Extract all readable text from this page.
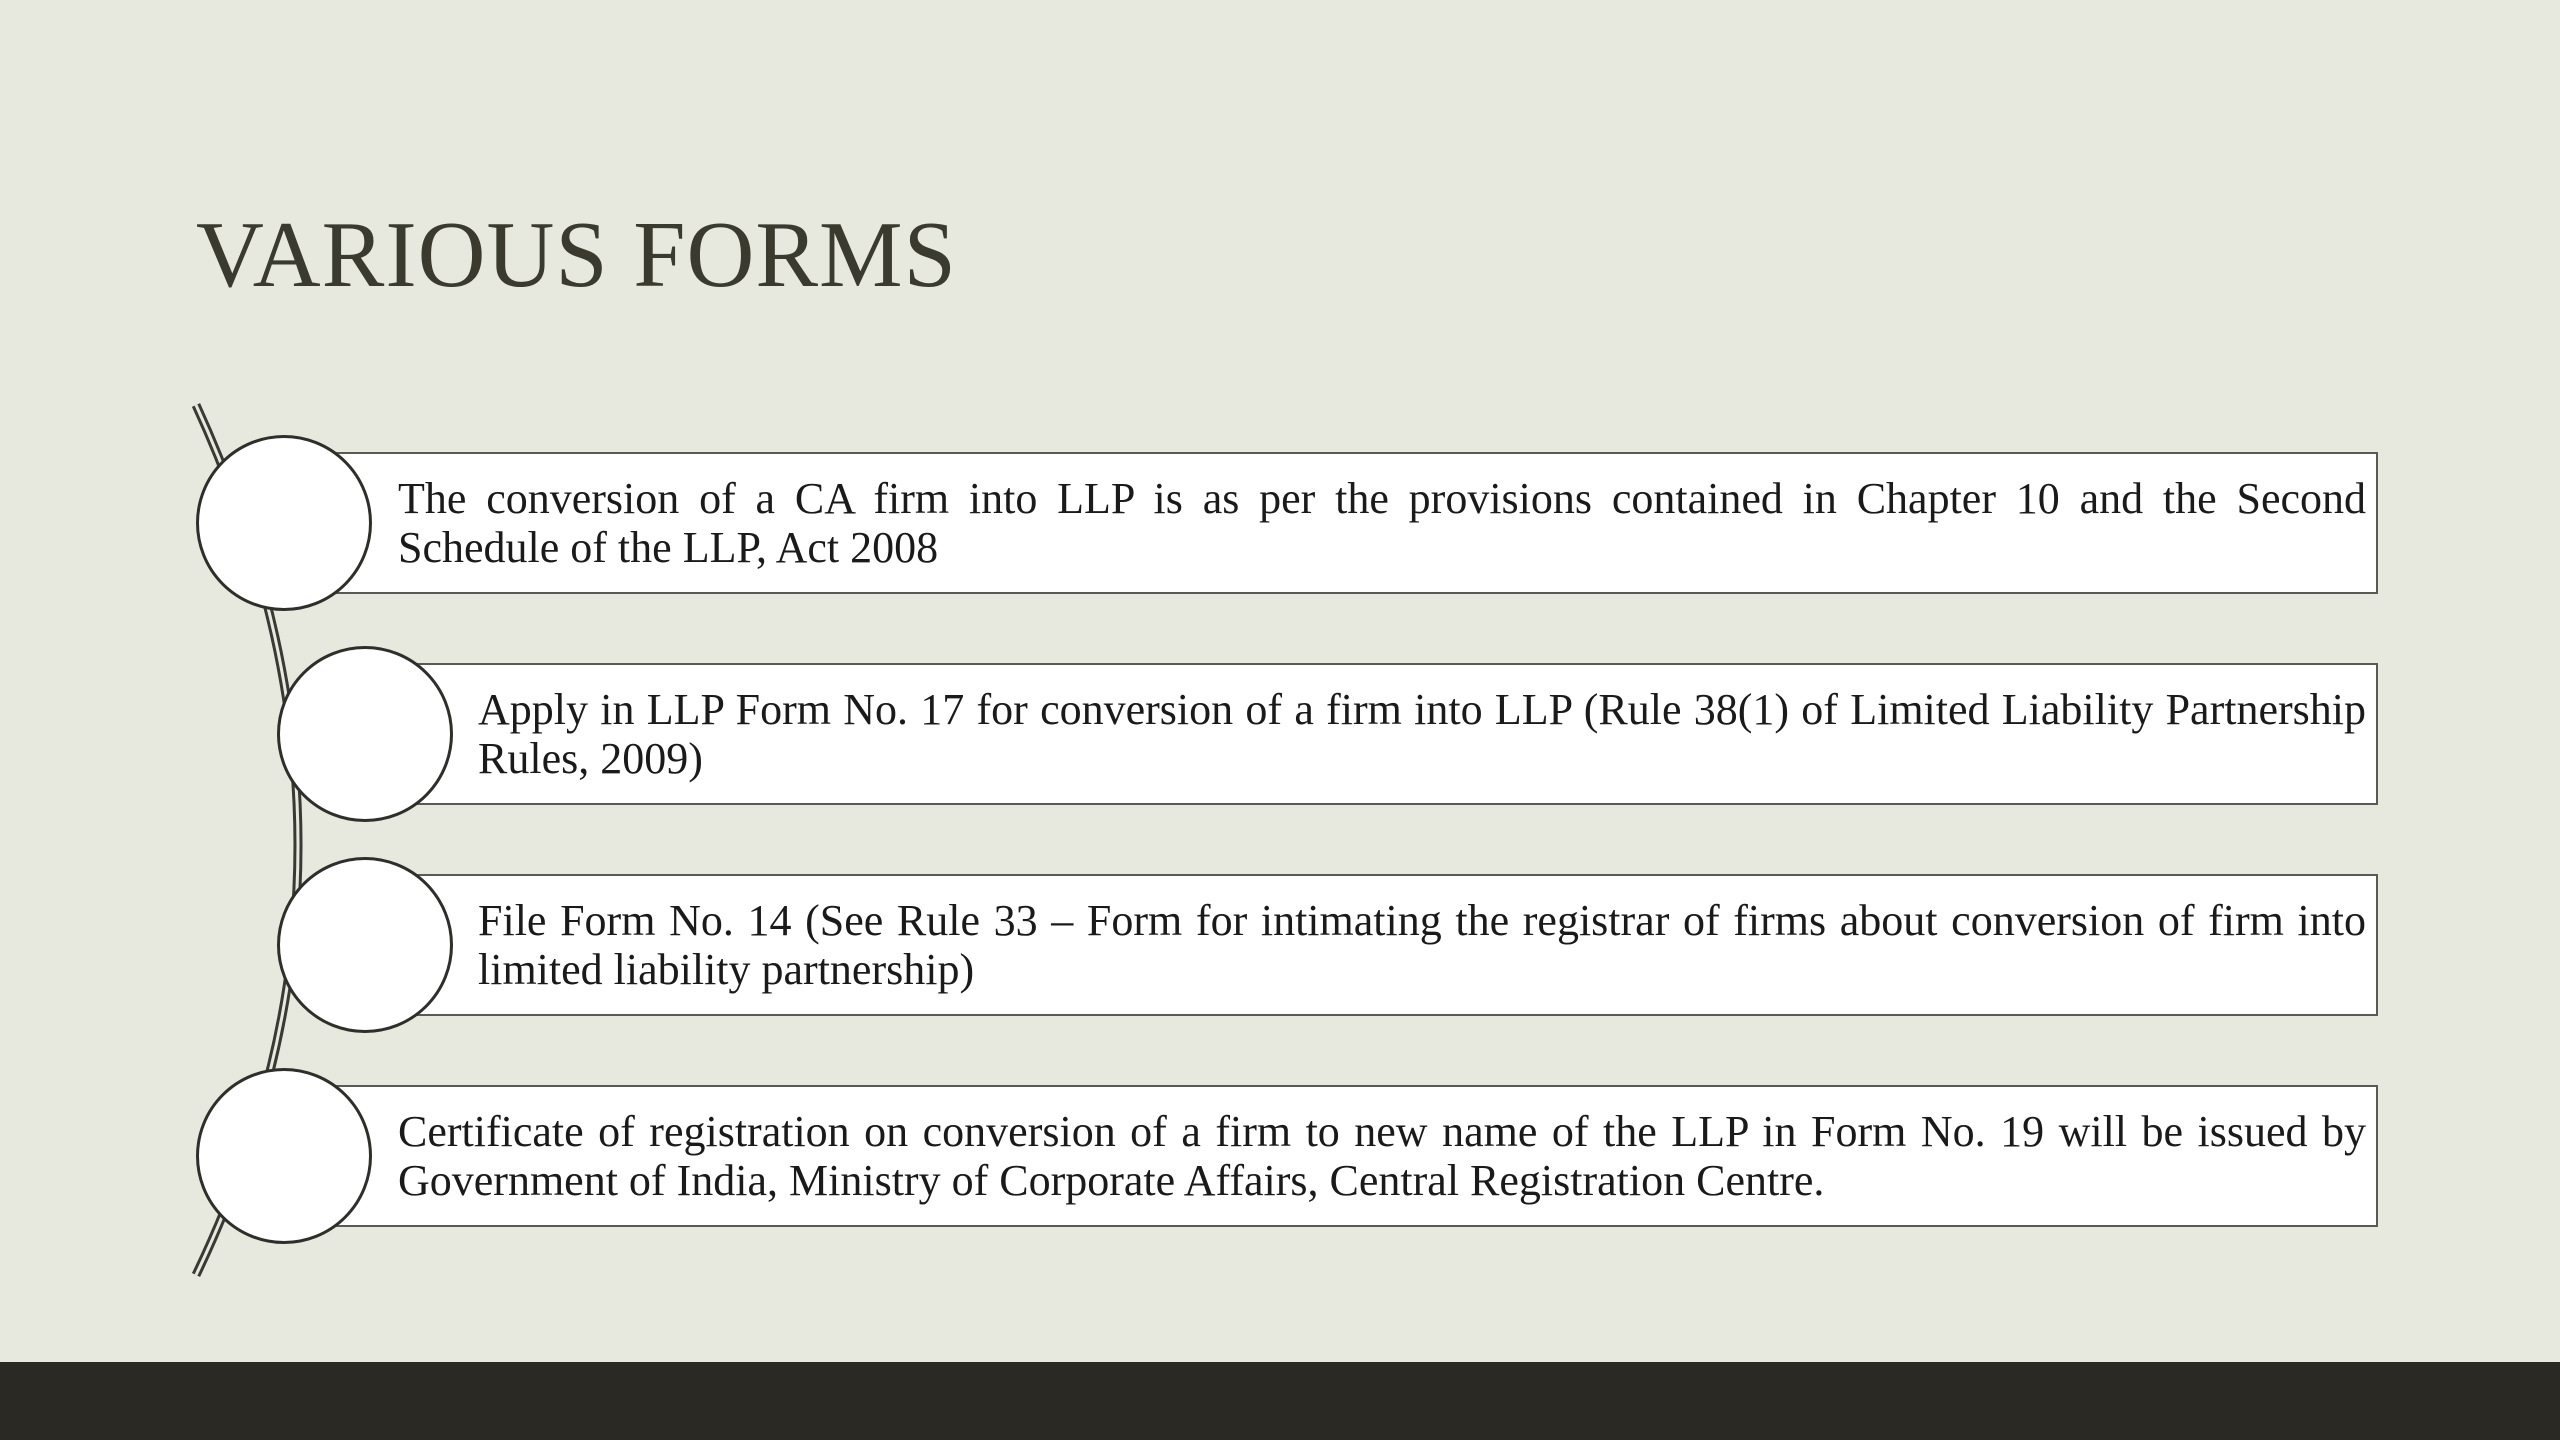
VARIOUS FORMS
The conversion of a CA firm into LLP is as per the provisions contained in Chapter 10 and the Second Schedule of the LLP, Act 2008
Apply in LLP Form No. 17 for conversion of a firm into LLP (Rule 38(1) of Limited Liability Partnership Rules, 2009)
File Form No. 14 (See Rule 33 – Form for intimating the registrar of firms about conversion of firm into limited liability partnership)
Certificate of registration on conversion of a firm to new name of the LLP in Form No. 19 will be issued by Government of India, Ministry of Corporate Affairs, Central Registration Centre.
